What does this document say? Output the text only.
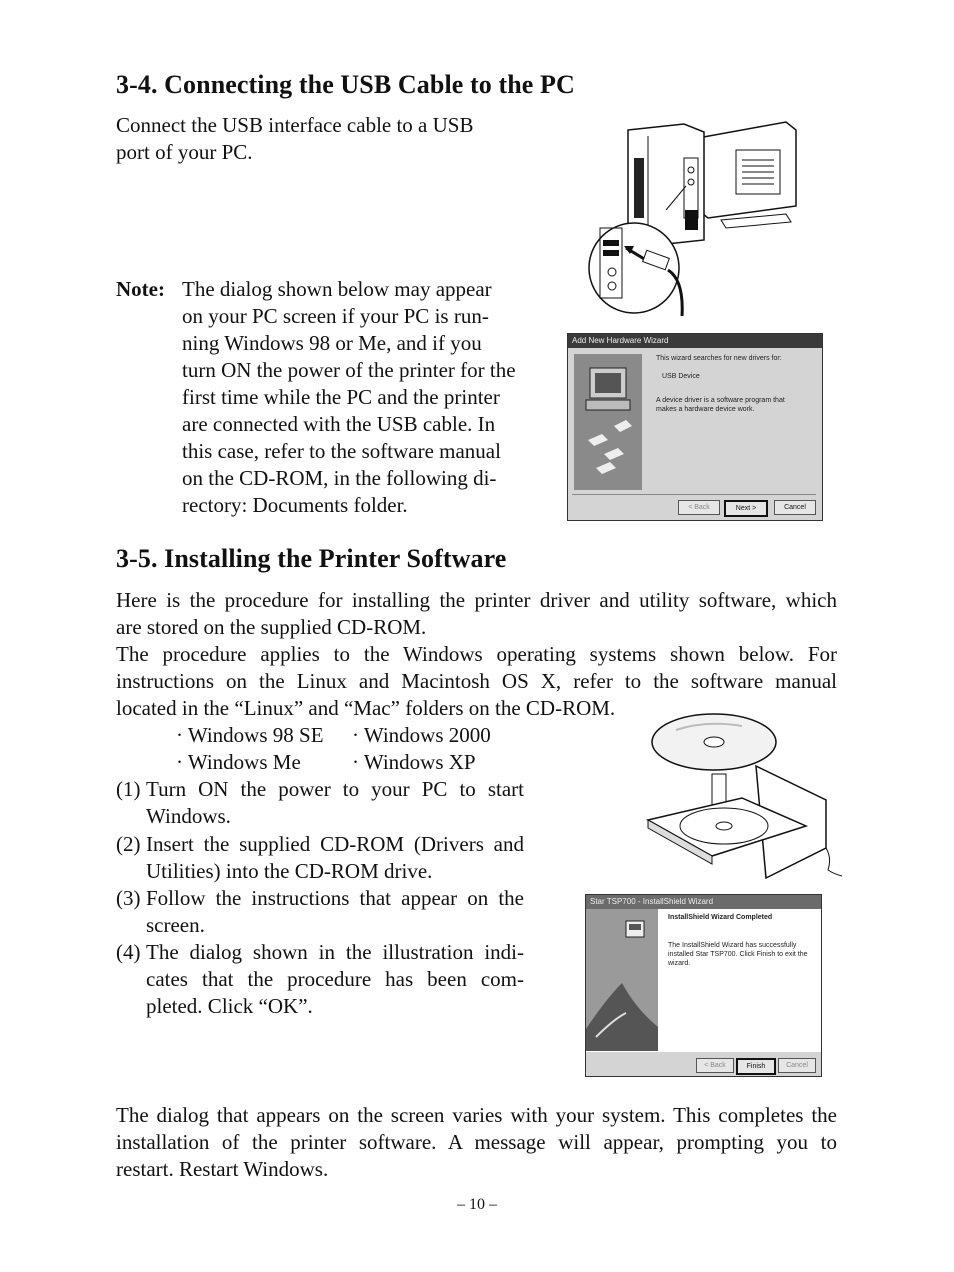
3-4. Connecting the USB Cable to the PC
Connect the USB interface cable to a USB
port of your PC.
Note: The dialog shown below may appear
on your PC screen if your PC is run-
ning Windows 98 or Me, and if you
turn ON the power of the printer for the
first time while the PC and the printer
are connected with the USB cable. In
this case, refer to the software manual
on the CD-ROM, in the following di-
rectory: Documents folder.
Add New Hardware Wizard
This wizard searches for new drivers for:
USB Device
A device driver is a software program that makes a hardware device work.
< Back	Next >	Cancel
3-5. Installing the Printer Software
Here is the procedure for installing the printer driver and utility software, which
are stored on the supplied CD-ROM.
The procedure applies to the Windows operating systems shown below. For
instructions on the Linux and Macintosh OS X, refer to the software manual
located in the “Linux” and “Mac” folders on the CD-ROM.
· Windows 98 SE · Windows 2000
· Windows Me · Windows XP
(1) Turn ON the power to your PC to start
Windows.
(2) Insert the supplied CD-ROM (Drivers and
Utilities) into the CD-ROM drive.
(3) Follow the instructions that appear on the
screen.
(4) The dialog shown in the illustration indi-
cates that the procedure has been com-
pleted. Click “OK”.
Star TSP700 - InstallShield Wizard
InstallShield Wizard Completed
The InstallShield Wizard has successfully installed Star TSP700. Click Finish to exit the wizard.
< Back	Finish	Cancel
The dialog that appears on the screen varies with your system. This completes the
installation of the printer software. A message will appear, prompting you to
restart. Restart Windows.
– 10 –
